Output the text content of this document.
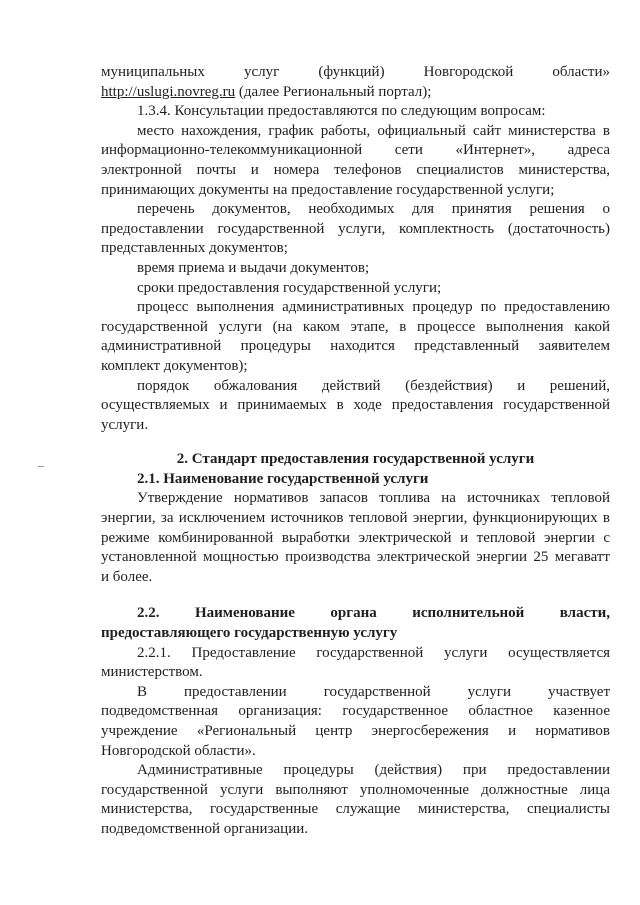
муниципальных услуг (функций) Новгородской области»
http://uslugi.novreg.ru (далее Региональный портал);
1.3.4. Консультации предоставляются по следующим вопросам:
место нахождения, график работы, официальный сайт министерства в
информационно-телекоммуникационной сети «Интернет», адреса
электронной почты и номера телефонов специалистов министерства,
принимающих документы на предоставление государственной услуги;
перечень документов, необходимых для принятия решения о
предоставлении государственной услуги, комплектность (достаточность)
представленных документов;
время приема и выдачи документов;
сроки предоставления государственной услуги;
процесс выполнения административных процедур по предоставлению
государственной услуги (на каком этапе, в процессе выполнения какой
административной процедуры находится представленный заявителем
комплект документов);
порядок обжалования действий (бездействия) и решений,
осуществляемых и принимаемых в ходе предоставления государственной
услуги.
2. Стандарт предоставления государственной услуги
2.1. Наименование государственной услуги
Утверждение нормативов запасов топлива на источниках тепловой
энергии, за исключением источников тепловой энергии, функционирующих в
режиме комбинированной выработки электрической и тепловой энергии с
установленной мощностью производства электрической энергии 25 мегаватт
и более.
2.2. Наименование органа исполнительной власти,
предоставляющего государственную услугу
2.2.1. Предоставление государственной услуги осуществляется
министерством.
В предоставлении государственной услуги участвует
подведомственная организация: государственное областное казенное
учреждение «Региональный центр энергосбережения и нормативов
Новгородской области».
Административные процедуры (действия) при предоставлении
государственной услуги выполняют уполномоченные должностные лица
министерства, государственные служащие министерства, специалисты
подведомственной организации.
